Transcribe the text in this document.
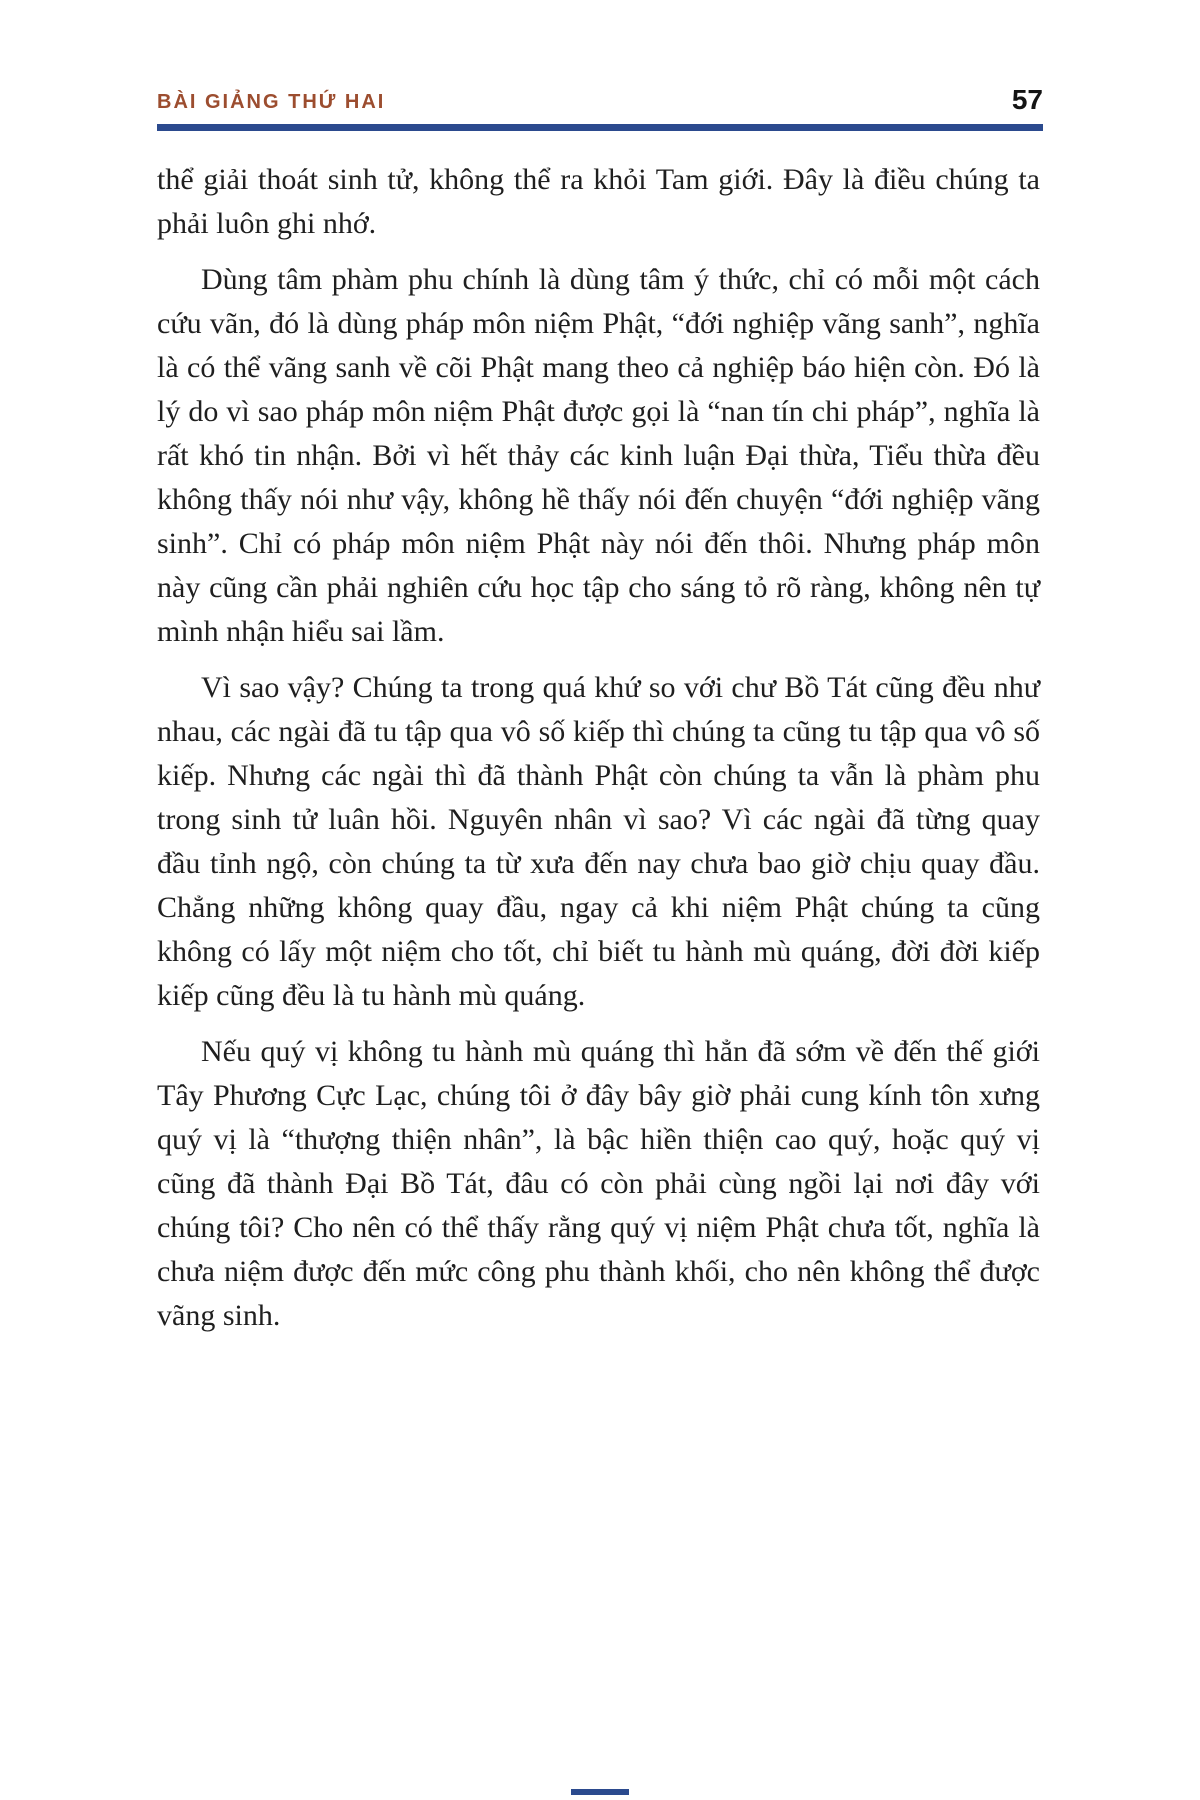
BÀI GIẢNG THỨ HAI	57

thể giải thoát sinh tử, không thể ra khỏi Tam giới. Đây là điều chúng ta phải luôn ghi nhớ.

Dùng tâm phàm phu chính là dùng tâm ý thức, chỉ có mỗi một cách cứu vãn, đó là dùng pháp môn niệm Phật, “đới nghiệp vãng sanh”, nghĩa là có thể vãng sanh về cõi Phật mang theo cả nghiệp báo hiện còn. Đó là lý do vì sao pháp môn niệm Phật được gọi là “nan tín chi pháp”, nghĩa là rất khó tin nhận. Bởi vì hết thảy các kinh luận Đại thừa, Tiểu thừa đều không thấy nói như vậy, không hề thấy nói đến chuyện “đới nghiệp vãng sinh”. Chỉ có pháp môn niệm Phật này nói đến thôi. Nhưng pháp môn này cũng cần phải nghiên cứu học tập cho sáng tỏ rõ ràng, không nên tự mình nhận hiểu sai lầm.

Vì sao vậy? Chúng ta trong quá khứ so với chư Bồ Tát cũng đều như nhau, các ngài đã tu tập qua vô số kiếp thì chúng ta cũng tu tập qua vô số kiếp. Nhưng các ngài thì đã thành Phật còn chúng ta vẫn là phàm phu trong sinh tử luân hồi. Nguyên nhân vì sao? Vì các ngài đã từng quay đầu tỉnh ngộ, còn chúng ta từ xưa đến nay chưa bao giờ chịu quay đầu. Chẳng những không quay đầu, ngay cả khi niệm Phật chúng ta cũng không có lấy một niệm cho tốt, chỉ biết tu hành mù quáng, đời đời kiếp kiếp cũng đều là tu hành mù quáng.

Nếu quý vị không tu hành mù quáng thì hẳn đã sớm về đến thế giới Tây Phương Cực Lạc, chúng tôi ở đây bây giờ phải cung kính tôn xưng quý vị là “thượng thiện nhân”, là bậc hiền thiện cao quý, hoặc quý vị cũng đã thành Đại Bồ Tát, đâu có còn phải cùng ngồi lại nơi đây với chúng tôi? Cho nên có thể thấy rằng quý vị niệm Phật chưa tốt, nghĩa là chưa niệm được đến mức công phu thành khối, cho nên không thể được vãng sinh.
